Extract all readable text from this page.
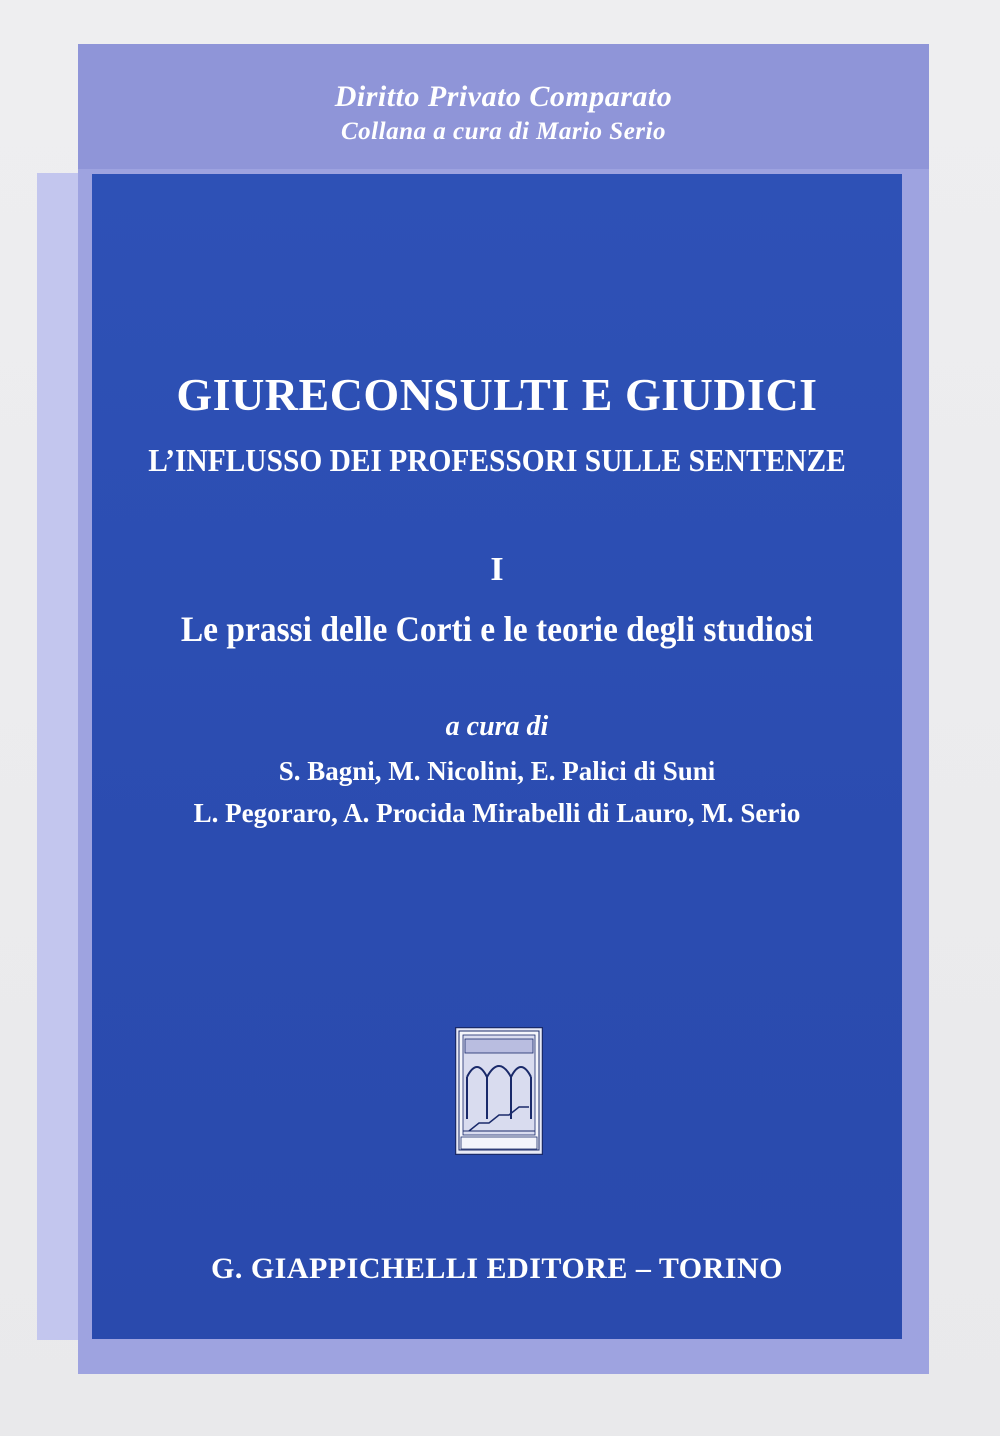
Diritto Privato Comparato
Collana a cura di Mario Serio
GIURECONSULTI E GIUDICI
L’INFLUSSO DEI PROFESSORI SULLE SENTENZE
I
Le prassi delle Corti e le teorie degli studiosi
a cura di
S. Bagni, M. Nicolini, E. Palici di Suni
L. Pegoraro, A. Procida Mirabelli di Lauro, M. Serio
G. GIAPPICHELLI EDITORE – TORINO
